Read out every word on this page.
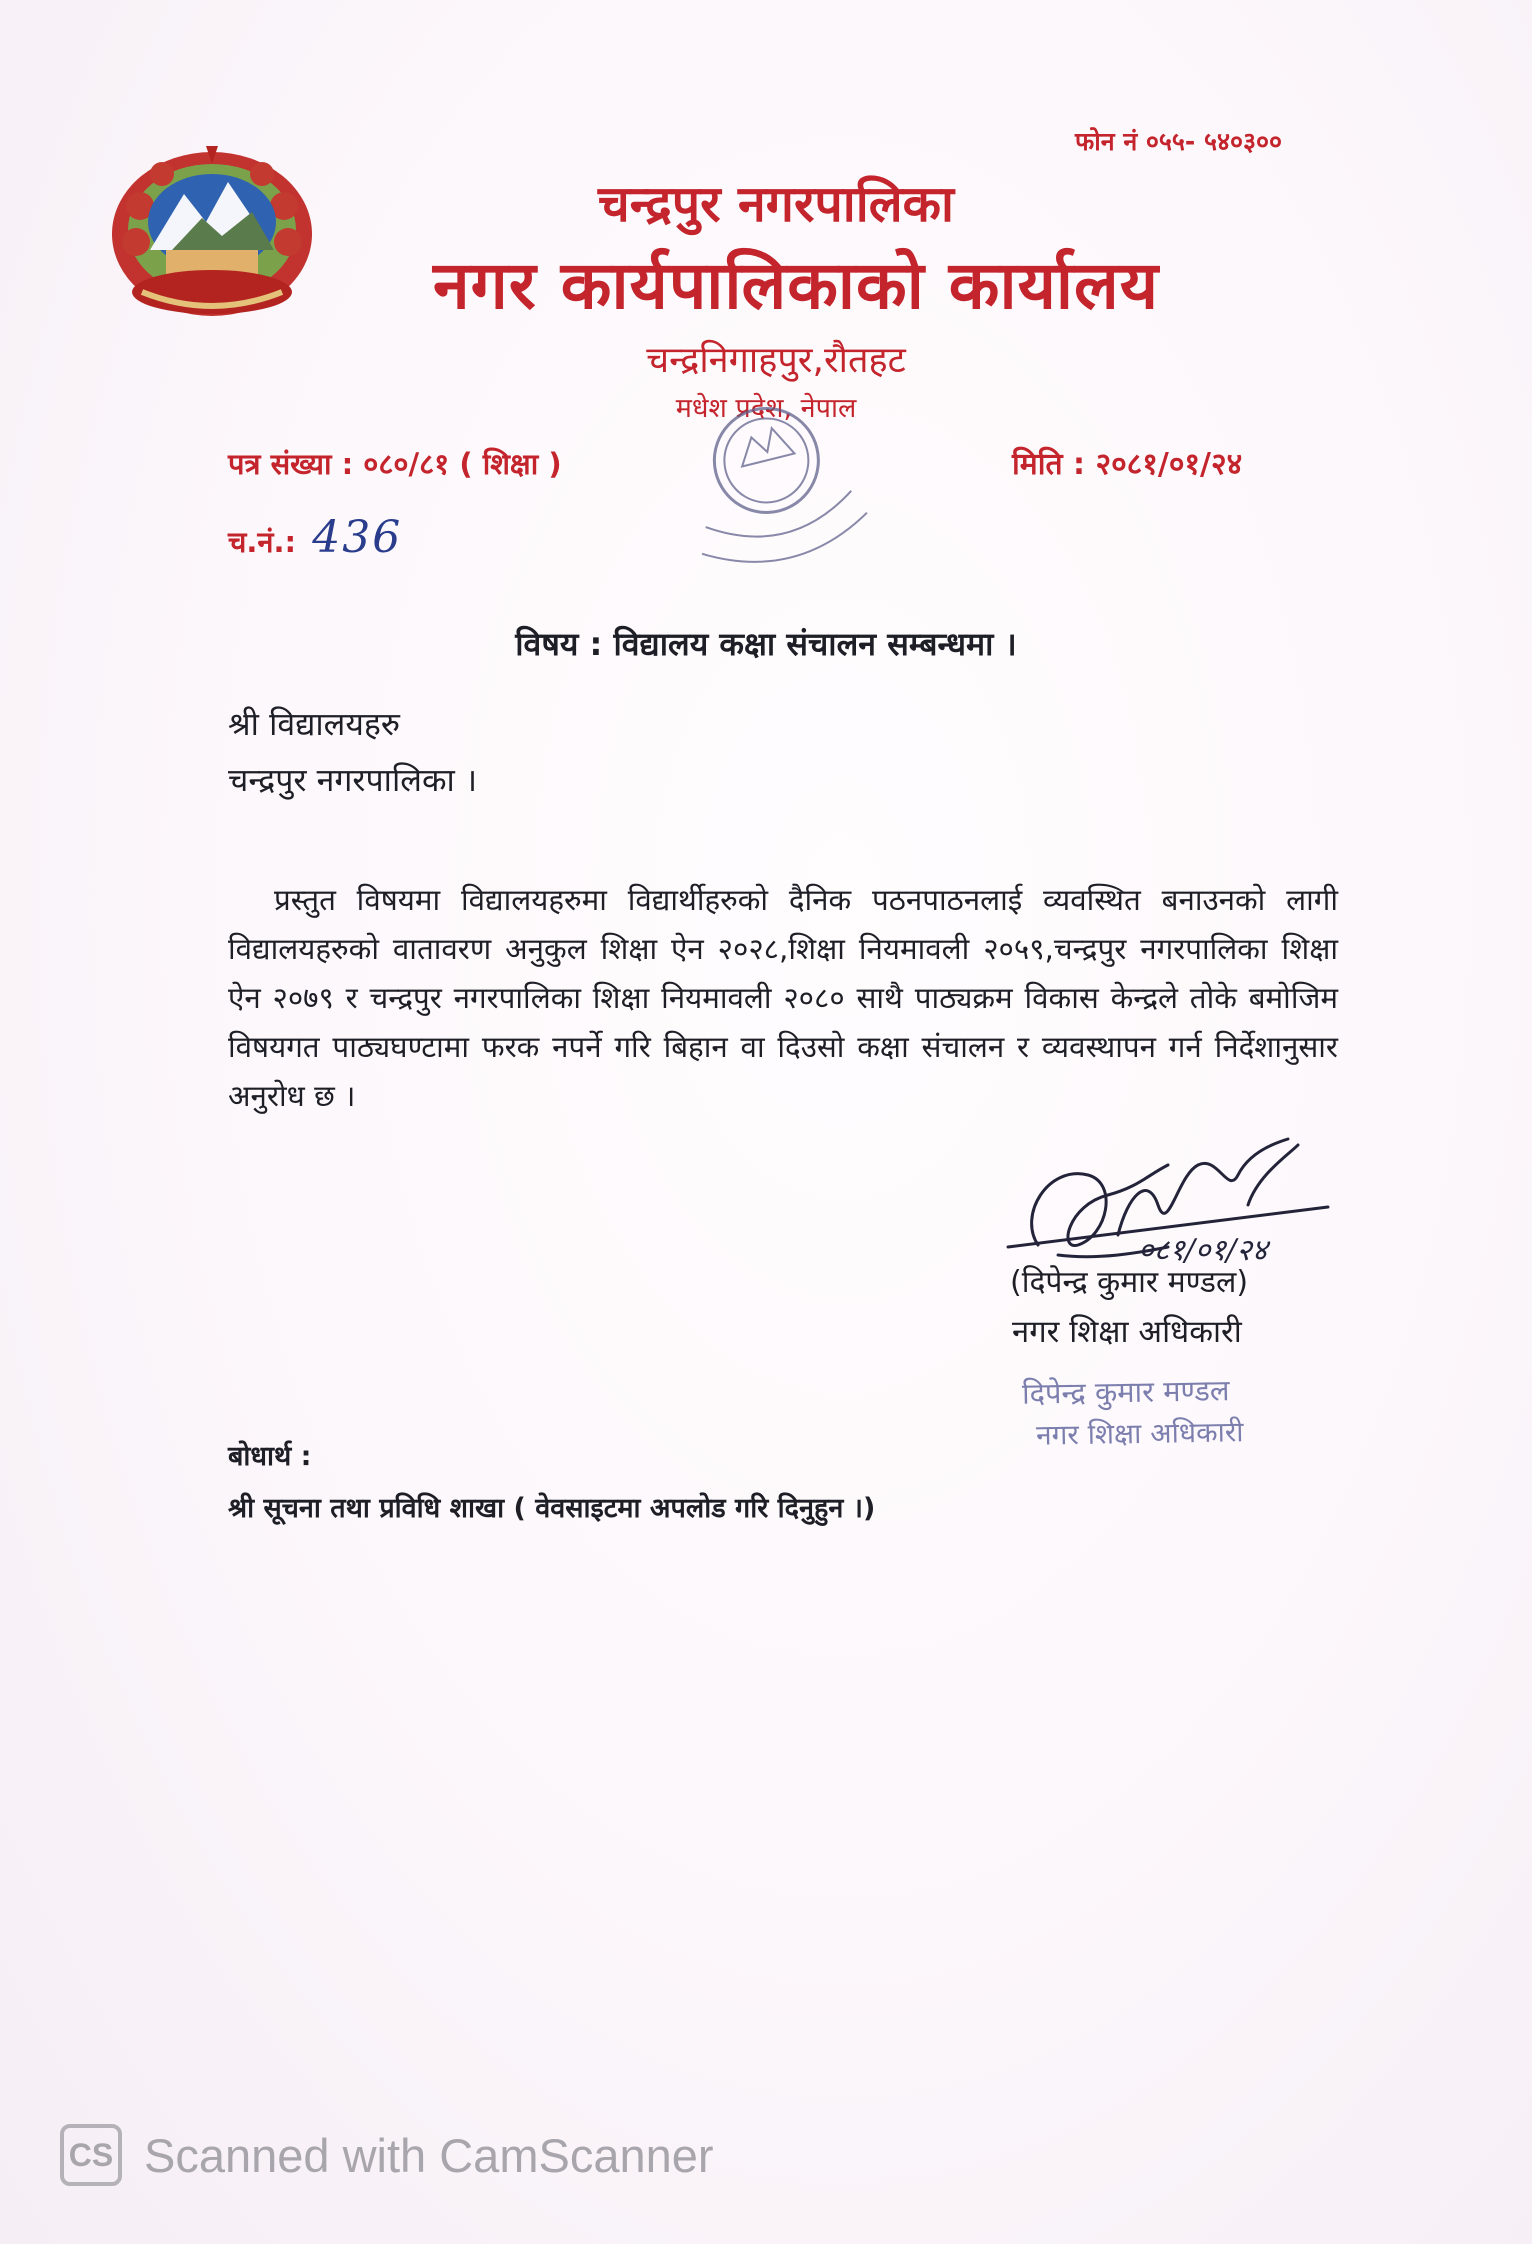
फोन नं ०५५- ५४०३००
चन्द्रपुर नगरपालिका
नगर कार्यपालिकाको कार्यालय
चन्द्रनिगाहपुर,रौतहट
मधेश प्रदेश, नेपाल
पत्र संख्या : ०८०/८१ ( शिक्षा )	मिति : २०८१/०१/२४
च.नं.: 436
विषय : विद्यालय कक्षा संचालन सम्बन्धमा ।
श्री विद्यालयहरु
चन्द्रपुर नगरपालिका ।
प्रस्तुत विषयमा विद्यालयहरुमा विद्यार्थीहरुको दैनिक पठनपाठनलाई व्यवस्थित बनाउनको लागी विद्यालयहरुको वातावरण अनुकुल शिक्षा ऐन २०२८,शिक्षा नियमावली २०५९,चन्द्रपुर नगरपालिका शिक्षा ऐन २०७९ र चन्द्रपुर नगरपालिका शिक्षा नियमावली २०८० साथै पाठ्यक्रम विकास केन्द्रले तोके बमोजिम विषयगत पाठ्यघण्टामा फरक नपर्ने गरि बिहान वा दिउसो कक्षा संचालन र व्यवस्थापन गर्न निर्देशानुसार अनुरोध छ ।
०८१/०१/२४
(दिपेन्द्र कुमार मण्डल)
नगर शिक्षा अधिकारी
दिपेन्द्र कुमार मण्डल
नगर शिक्षा अधिकारी
बोधार्थ :
श्री सूचना तथा प्रविधि शाखा ( वेवसाइटमा अपलोड गरि दिनुहुन ।)
CS Scanned with CamScanner
